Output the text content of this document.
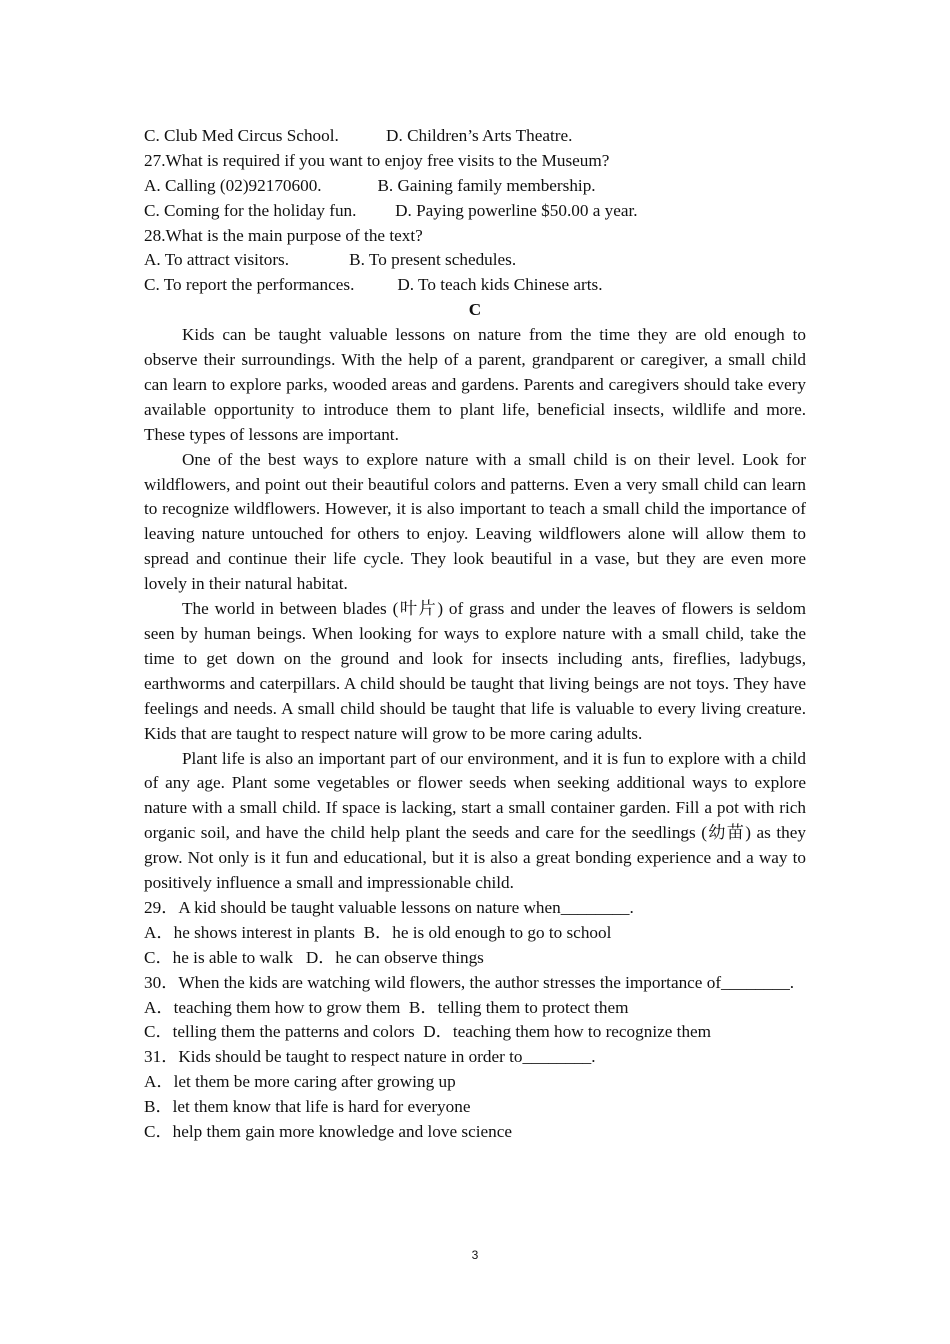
C. Club Med Circus School.           D. Children’s Arts Theatre.
27.What is required if you want to enjoy free visits to the Museum?
A. Calling (02)92170600.             B. Gaining family membership.
C. Coming for the holiday fun.         D. Paying powerline $50.00 a year.
28.What is the main purpose of the text?
A. To attract visitors.              B. To present schedules.
C. To report the performances.          D. To teach kids Chinese arts.
C
Kids can be taught valuable lessons on nature from the time they are old enough to observe their surroundings. With the help of a parent, grandparent or caregiver, a small child can learn to explore parks, wooded areas and gardens. Parents and caregivers should take every available opportunity to introduce them to plant life, beneficial insects, wildlife and more. These types of lessons are important.
One of the best ways to explore nature with a small child is on their level. Look for wildflowers, and point out their beautiful colors and patterns. Even a very small child can learn to recognize wildflowers. However, it is also important to teach a small child the importance of leaving nature untouched for others to enjoy. Leaving wildflowers alone will allow them to spread and continue their life cycle. They look beautiful in a vase, but they are even more lovely in their natural habitat.
The world in between blades (叶片) of grass and under the leaves of flowers is seldom seen by human beings. When looking for ways to explore nature with a small child, take the time to get down on the ground and look for insects including ants, fireflies, ladybugs, earthworms and caterpillars. A child should be taught that living beings are not toys. They have feelings and needs. A small child should be taught that life is valuable to every living creature. Kids that are taught to respect nature will grow to be more caring adults.
Plant life is also an important part of our environment, and it is fun to explore with a child of any age. Plant some vegetables or flower seeds when seeking additional ways to explore nature with a small child. If space is lacking, start a small container garden. Fill a pot with rich organic soil, and have the child help plant the seeds and care for the seedlings (幼苗) as they grow. Not only is it fun and educational, but it is also a great bonding experience and a way to positively influence a small and impressionable child.
29．A kid should be taught valuable lessons on nature when________.
A．he shows interest in plants  B．he is old enough to go to school
C．he is able to walk   D．he can observe things
30．When the kids are watching wild flowers, the author stresses the importance of________.
A．teaching them how to grow them  B．telling them to protect them
C．telling them the patterns and colors  D．teaching them how to recognize them
31．Kids should be taught to respect nature in order to________.
A．let them be more caring after growing up
B．let them know that life is hard for everyone
C．help them gain more knowledge and love science
3
